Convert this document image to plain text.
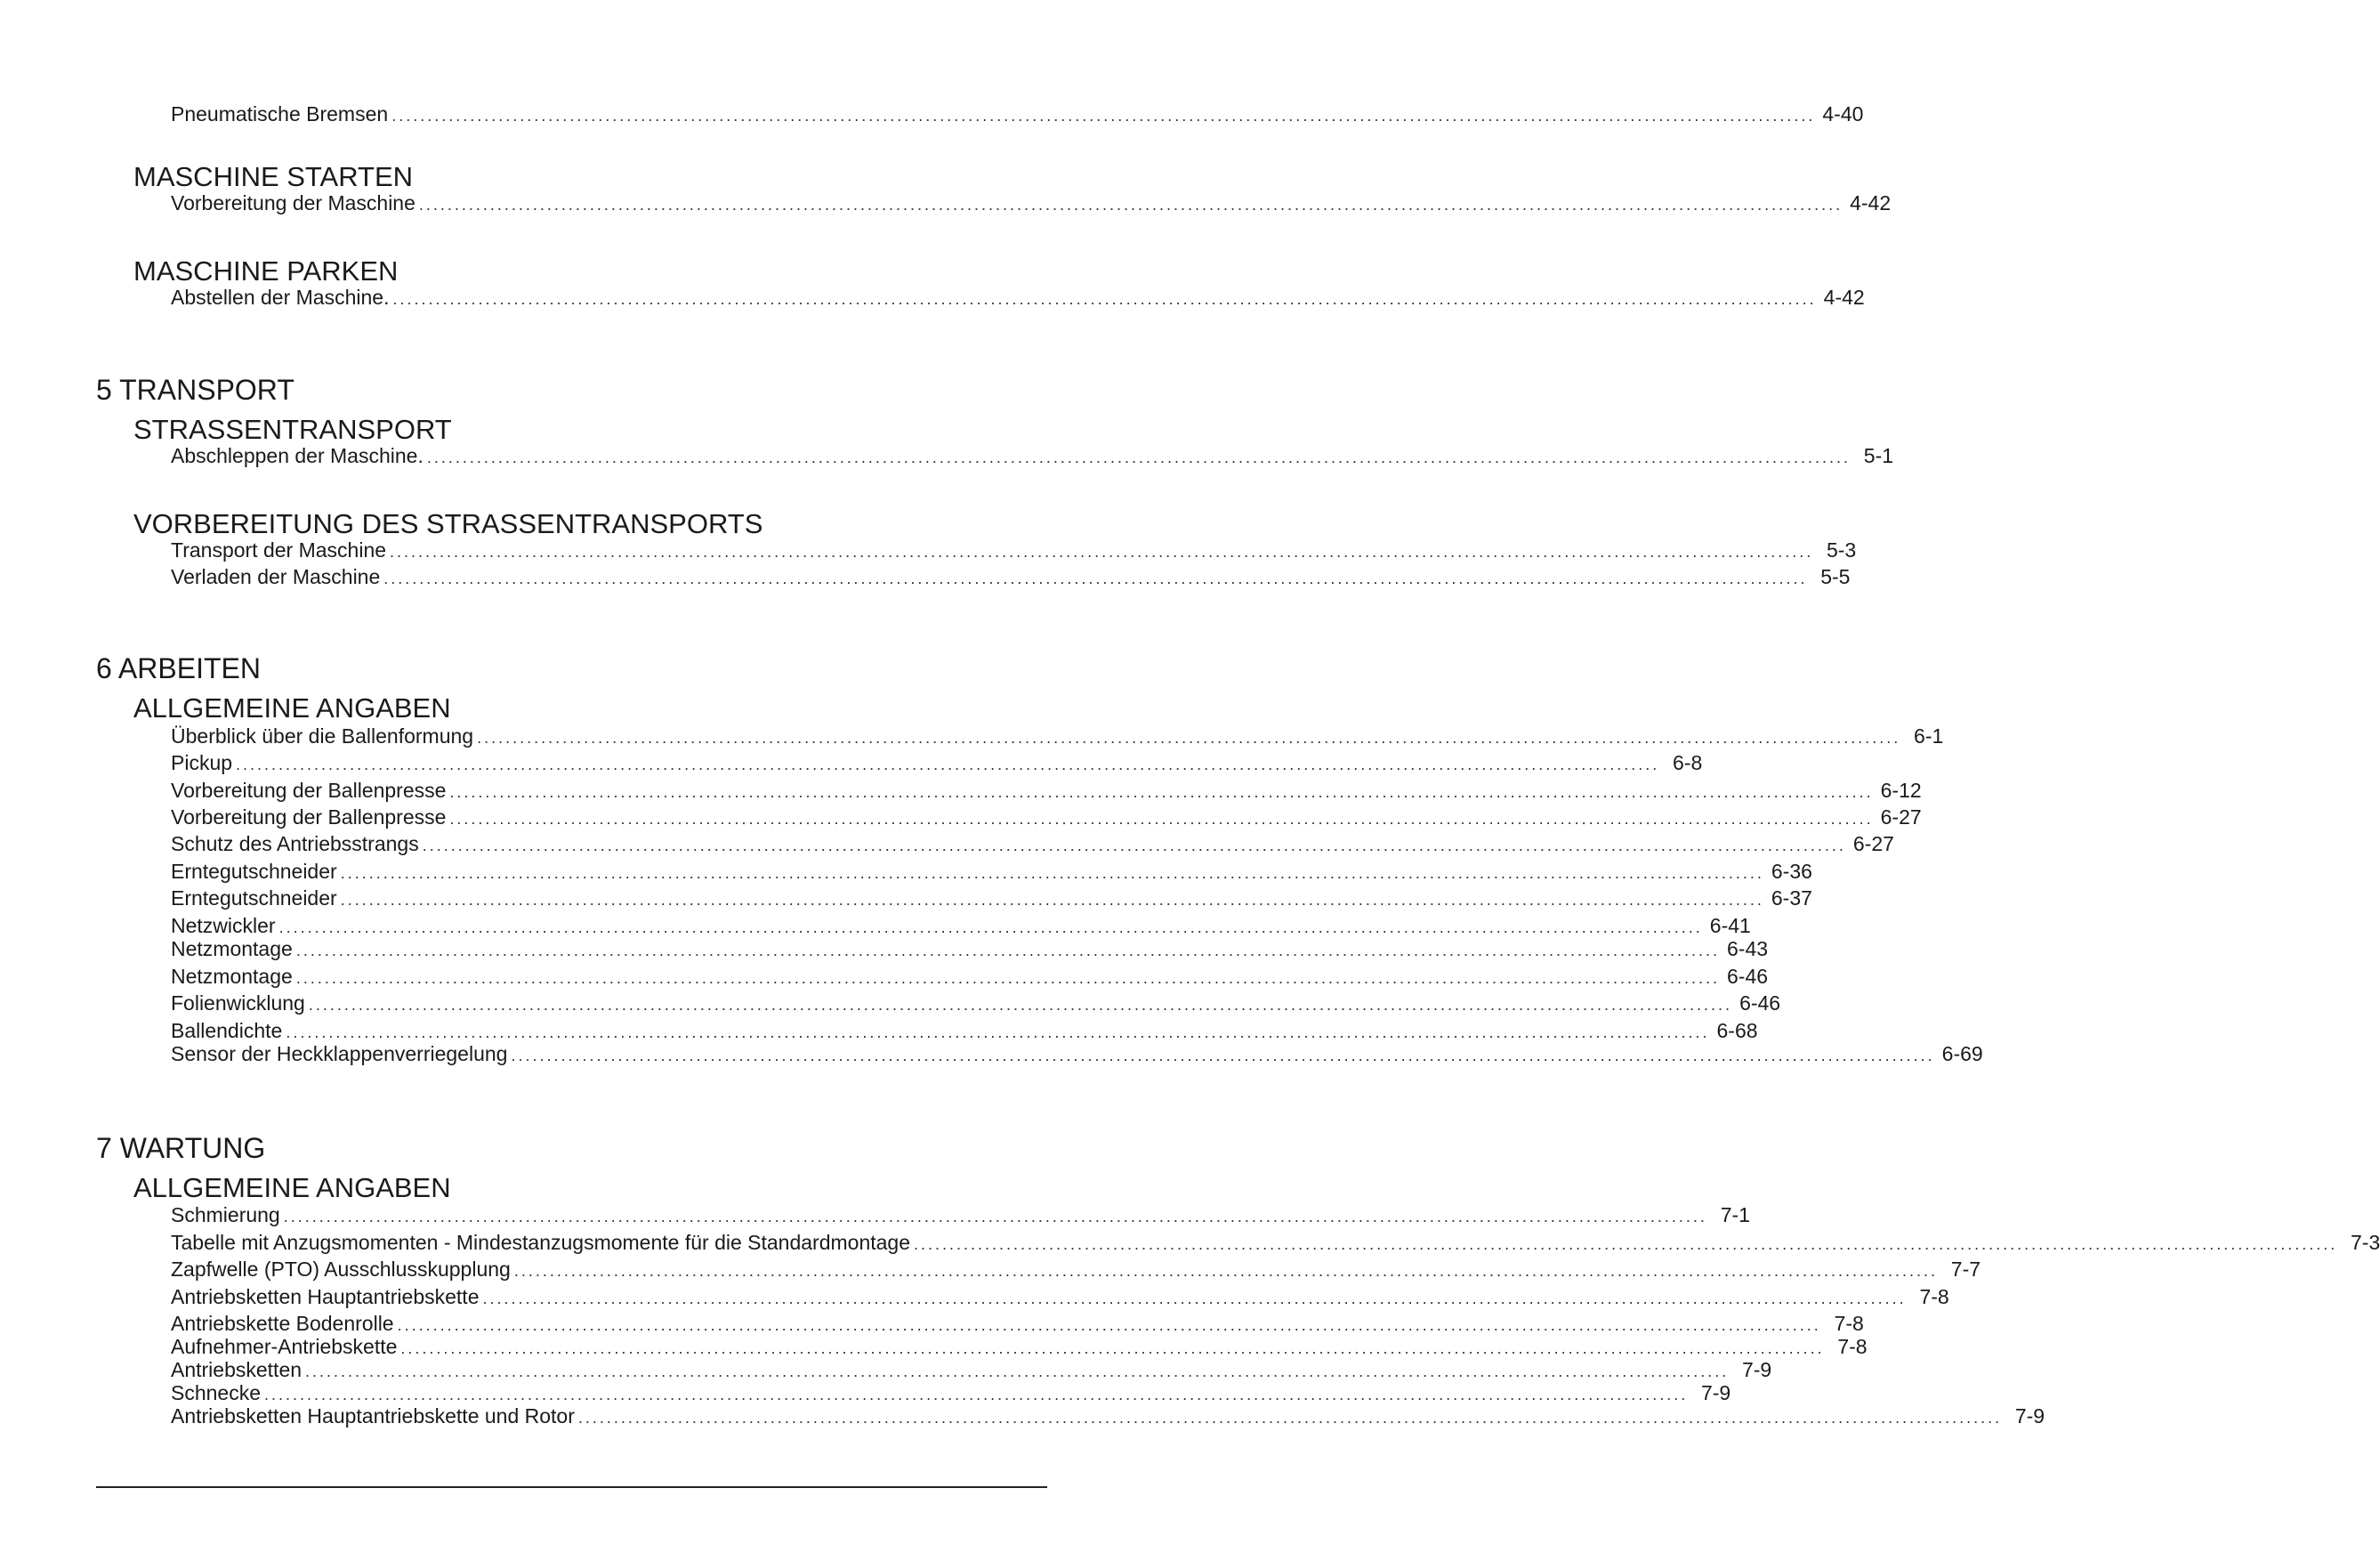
Pneumatische Bremsen ........................................................................................................................................................................................................ 4-40
MASCHINE STARTEN
Vorbereitung der Maschine ........................................................................................................................................................................................................ 4-42
MASCHINE PARKEN
Abstellen der Maschine. ........................................................................................................................................................................................................ 4-42
5 TRANSPORT
STRASSENTRANSPORT
Abschleppen der Maschine. ........................................................................................................................................................................................................ 5-1
VORBEREITUNG DES STRASSENTRANSPORTS
Transport der Maschine ........................................................................................................................................................................................................ 5-3
Verladen der Maschine ........................................................................................................................................................................................................ 5-5
6 ARBEITEN
ALLGEMEINE ANGABEN
Überblick über die Ballenformung ........................................................................................................................................................................................................ 6-1
Pickup ........................................................................................................................................................................................................ 6-8
Vorbereitung der Ballenpresse ........................................................................................................................................................................................................ 6-12
Vorbereitung der Ballenpresse ........................................................................................................................................................................................................ 6-27
Schutz des Antriebsstrangs ........................................................................................................................................................................................................ 6-27
Erntegutschneider ........................................................................................................................................................................................................ 6-36
Erntegutschneider ........................................................................................................................................................................................................ 6-37
Netzwickler ........................................................................................................................................................................................................ 6-41
Netzmontage ........................................................................................................................................................................................................ 6-43
Netzmontage ........................................................................................................................................................................................................ 6-46
Folienwicklung ........................................................................................................................................................................................................ 6-46
Ballendichte ........................................................................................................................................................................................................ 6-68
Sensor der Heckklappenverriegelung ........................................................................................................................................................................................................ 6-69
7 WARTUNG
ALLGEMEINE ANGABEN
Schmierung ........................................................................................................................................................................................................ 7-1
Tabelle mit Anzugsmomenten - Mindestanzugsmomente für die Standardmontage ........................................................................................................................................................................................................ 7-3
Zapfwelle (PTO) Ausschlusskupplung ........................................................................................................................................................................................................ 7-7
Antriebsketten Hauptantriebskette ........................................................................................................................................................................................................ 7-8
Antriebskette Bodenrolle ........................................................................................................................................................................................................ 7-8
Aufnehmer-Antriebskette ........................................................................................................................................................................................................ 7-8
Antriebsketten ........................................................................................................................................................................................................ 7-9
Schnecke ........................................................................................................................................................................................................ 7-9
Antriebsketten Hauptantriebskette und Rotor ........................................................................................................................................................................................................ 7-9
